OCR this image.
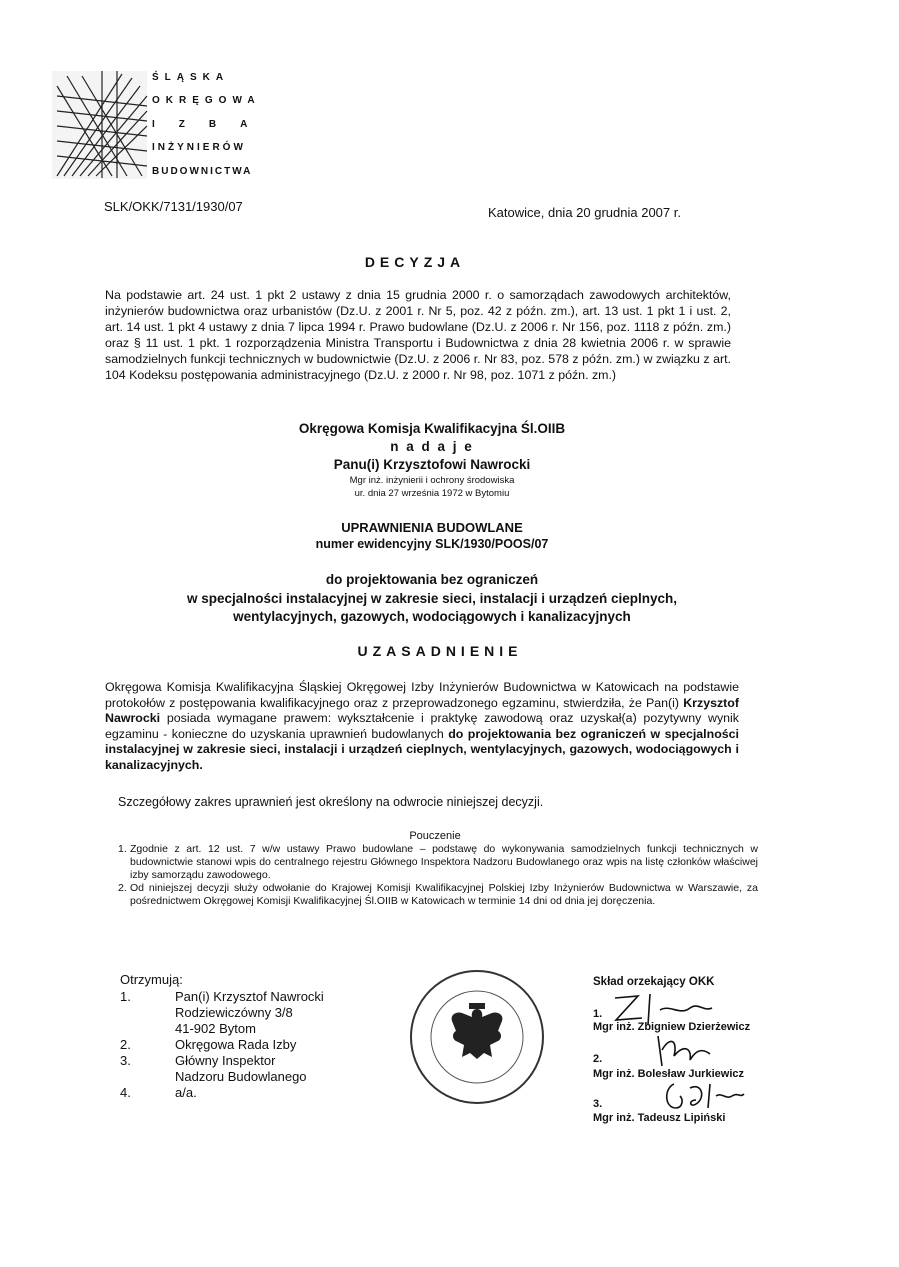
ŚLĄSKA
OKRĘGOWA
IZBA
INŻYNIERÓW
BUDOWNICTWA
SLK/OKK/7131/1930/07	Katowice, dnia 20 grudnia 2007 r.
DECYZJA
Na podstawie art. 24 ust. 1 pkt 2 ustawy z dnia 15 grudnia 2000 r. o samorządach zawodowych architektów, inżynierów budownictwa oraz urbanistów (Dz.U. z 2001 r. Nr 5, poz. 42 z późn. zm.), art. 13 ust. 1 pkt 1 i ust. 2, art. 14 ust. 1 pkt 4 ustawy z dnia 7 lipca 1994 r. Prawo budowlane (Dz.U. z 2006 r. Nr 156, poz. 1118 z późn. zm.) oraz § 11 ust. 1 pkt. 1 rozporządzenia Ministra Transportu i Budownictwa z dnia 28 kwietnia 2006 r. w sprawie samodzielnych funkcji technicznych w budownictwie (Dz.U. z 2006 r. Nr 83, poz. 578 z późn. zm.) w związku z art. 104 Kodeksu postępowania administracyjnego (Dz.U. z 2000 r. Nr 98, poz. 1071 z późn. zm.)
Okręgowa Komisja Kwalifikacyjna Śl.OIIB
n a d a j e
Panu(i) Krzysztofowi Nawrocki
Mgr inż. inżynierii i ochrony środowiska
ur. dnia 27 września 1972 w Bytomiu
UPRAWNIENIA BUDOWLANE
numer ewidencyjny SLK/1930/POOS/07
do projektowania bez ograniczeń
w specjalności instalacyjnej w zakresie sieci, instalacji i urządzeń cieplnych,
wentylacyjnych, gazowych, wodociągowych i kanalizacyjnych
UZASADNIENIE
Okręgowa Komisja Kwalifikacyjna Śląskiej Okręgowej Izby Inżynierów Budownictwa w Katowicach na podstawie protokołów z postępowania kwalifikacyjnego oraz z przeprowadzonego egzaminu, stwierdziła, że Pan(i) Krzysztof Nawrocki posiada wymagane prawem: wykształcenie i praktykę zawodową oraz uzyskał(a) pozytywny wynik egzaminu - konieczne do uzyskania uprawnień budowlanych do projektowania bez ograniczeń w specjalności instalacyjnej w zakresie sieci, instalacji i urządzeń cieplnych, wentylacyjnych, gazowych, wodociągowych i kanalizacyjnych.
Szczegółowy zakres uprawnień jest określony na odwrocie niniejszej decyzji.
Pouczenie
1. Zgodnie z art. 12 ust. 7 w/w ustawy Prawo budowlane – podstawę do wykonywania samodzielnych funkcji technicznych w budownictwie stanowi wpis do centralnego rejestru Głównego Inspektora Nadzoru Budowlanego oraz wpis na listę członków właściwej izby samorządu zawodowego.
2. Od niniejszej decyzji służy odwołanie do Krajowej Komisji Kwalifikacyjnej Polskiej Izby Inżynierów Budownictwa w Warszawie, za pośrednictwem Okręgowej Komisji Kwalifikacyjnej Śl.OIIB w Katowicach w terminie 14 dni od dnia jej doręczenia.
Otrzymują:
1.	Pan(i) Krzysztof Nawrocki
Rodziewiczówny 3/8
41-902 Bytom
2.	Okręgowa Rada Izby
3.	Główny Inspektor
Nadzoru Budowlanego
4.	a/a.
Skład orzekający OKK
1.
Mgr inż. Zbigniew Dzierżewicz
2.
Mgr inż. Bolesław Jurkiewicz
3.
Mgr inż. Tadeusz Lipiński
